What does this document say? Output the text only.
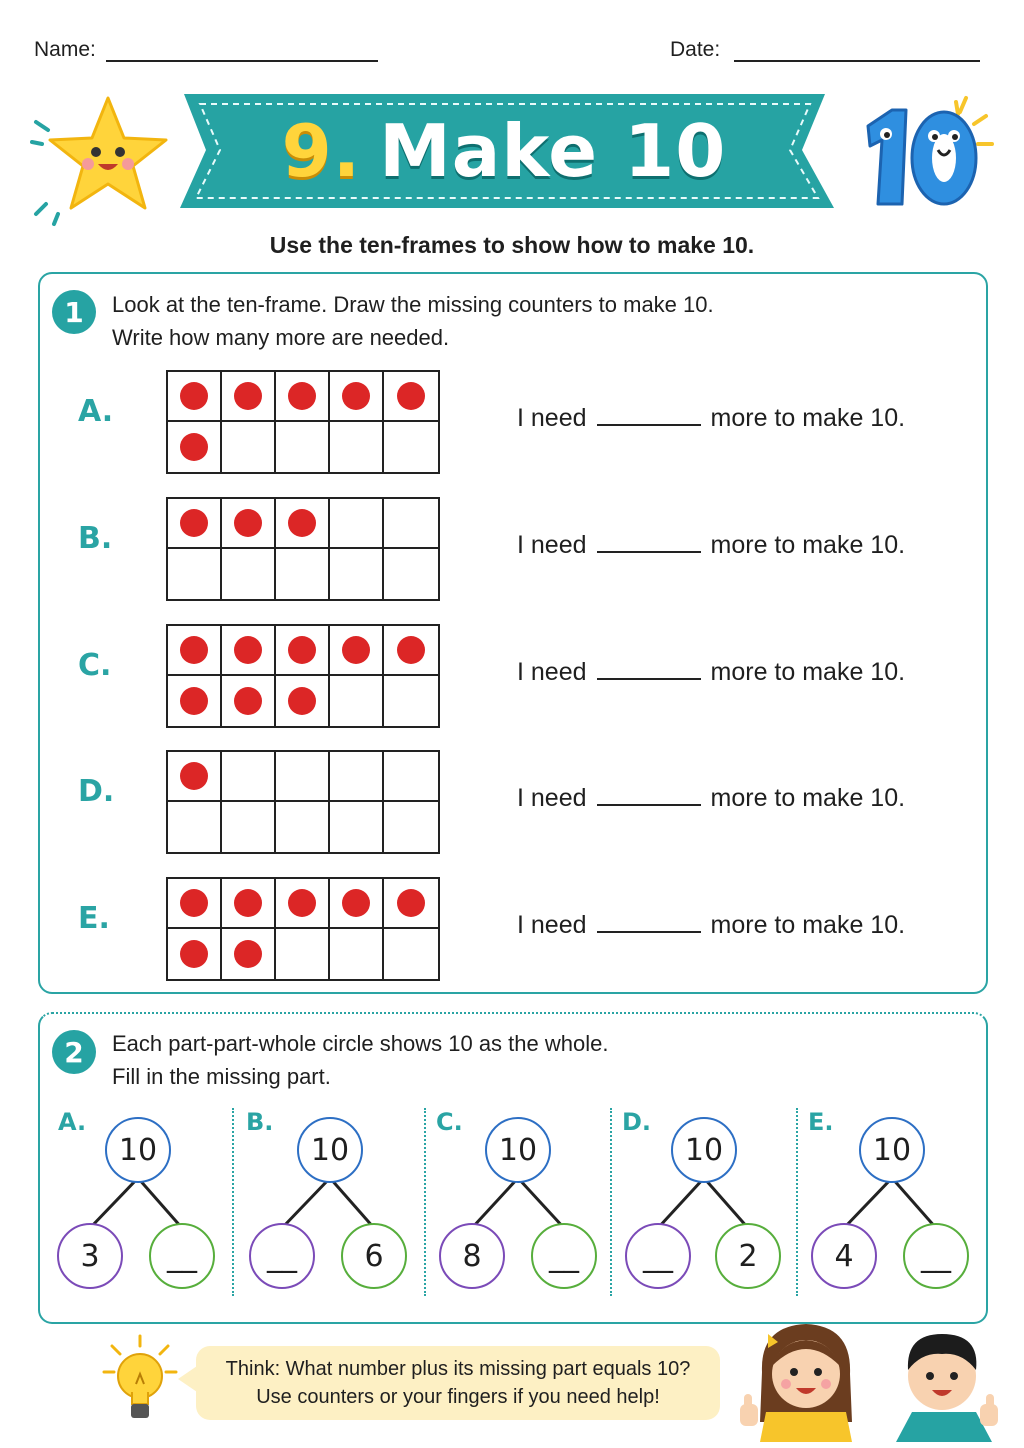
Name:	Date:
9. Make 10
Use the ten-frames to show how to make 10.
1	Look at the ten-frame. Draw the missing counters to make 10.
Write how many more are needed.
A.	I need	more to make 10.
B.	I need	more to make 10.
C.	I need	more to make 10.
D.	I need	more to make 10.
E.	I need	more to make 10.
2	Each part-part-whole circle shows 10 as the whole.
Fill in the missing part.
A.
10
3	__
B.
10
__	6
C.
10
8	__
D.
10
__	2
E.
10
4	__
Think: What number plus its missing part equals 10?
Use counters or your fingers if you need help!
